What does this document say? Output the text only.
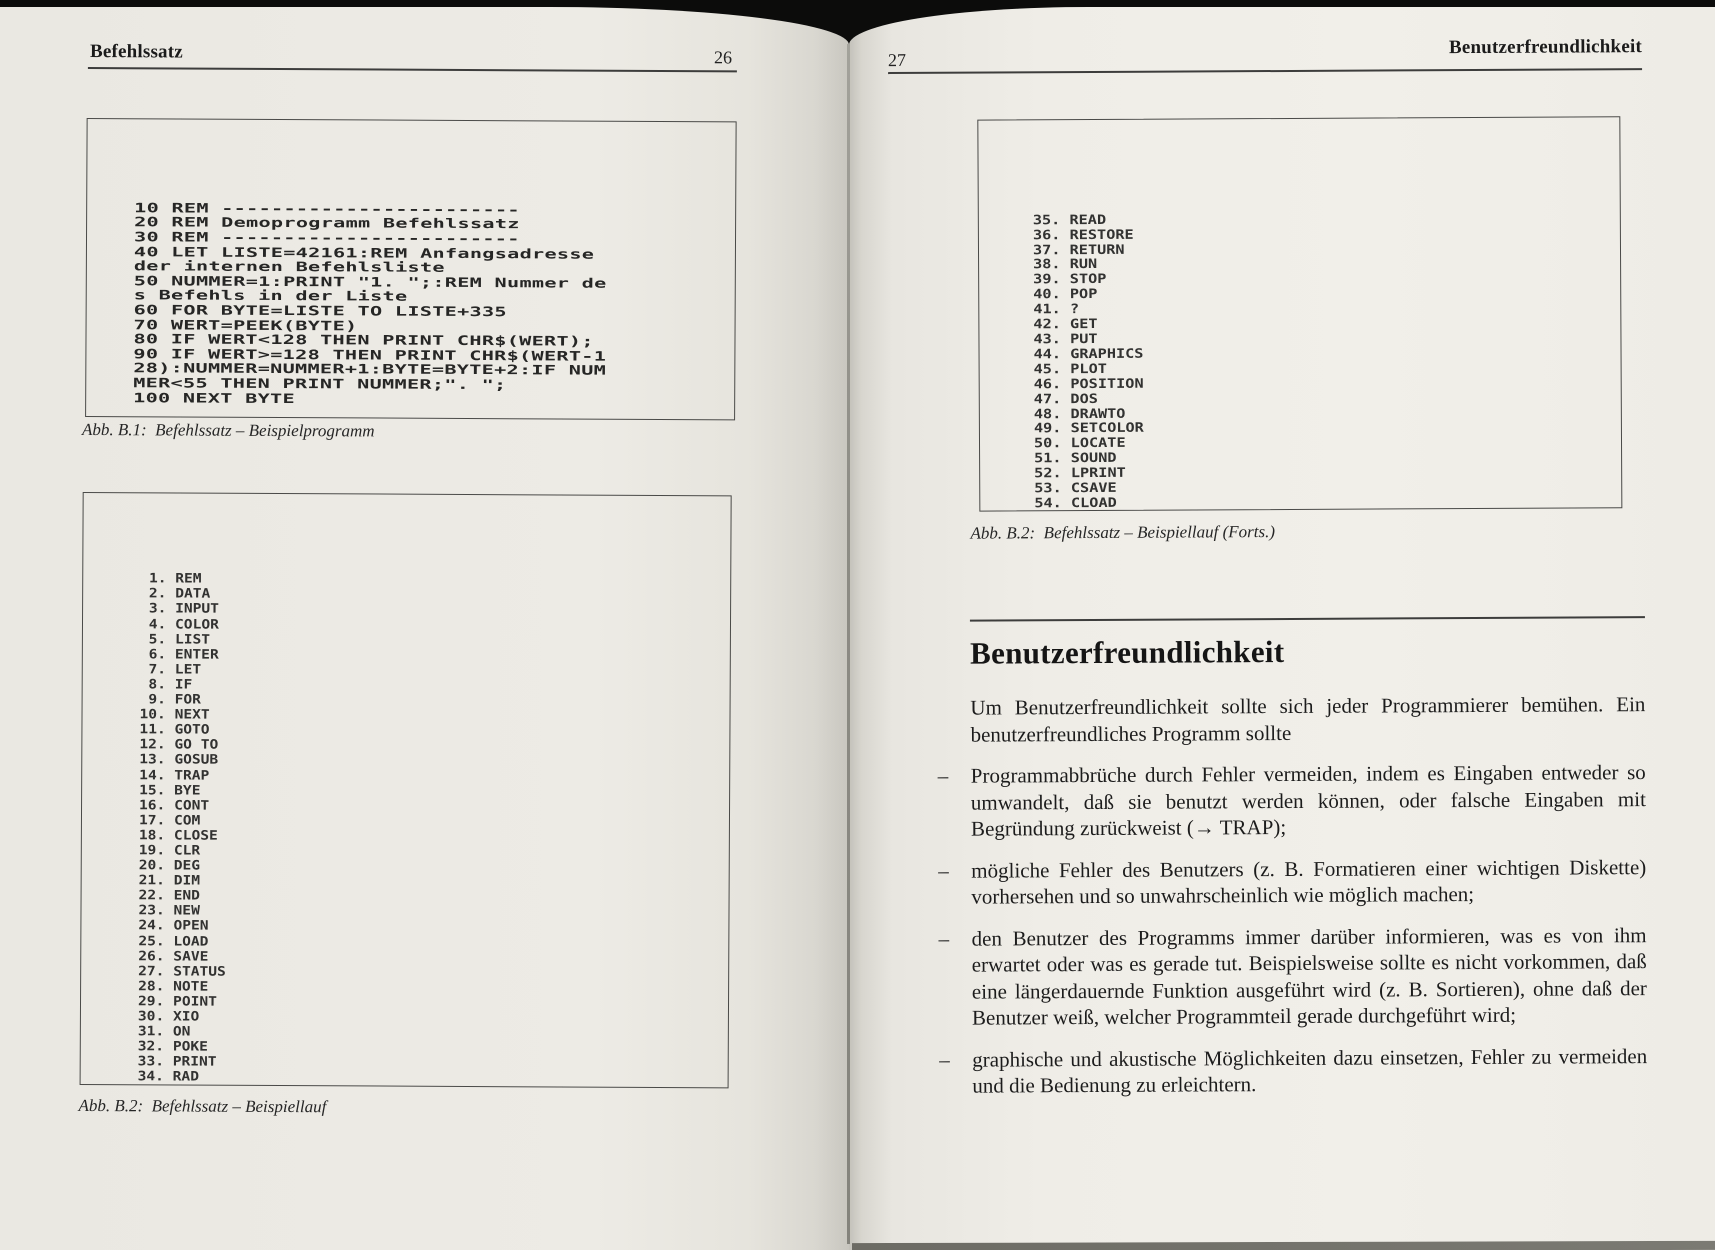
Befehlssatz	26

10 REM ------------------------
20 REM Demoprogramm Befehlssatz
30 REM ------------------------
40 LET LISTE=42161:REM Anfangsadresse
der internen Befehlsliste
50 NUMMER=1:PRINT "1. ";:REM Nummer de
s Befehls in der Liste
60 FOR BYTE=LISTE TO LISTE+335
70 WERT=PEEK(BYTE)
80 IF WERT<128 THEN PRINT CHR$(WERT);
90 IF WERT>=128 THEN PRINT CHR$(WERT-1
28):NUMMER=NUMMER+1:BYTE=BYTE+2:IF NUM
MER<55 THEN PRINT NUMMER;". ";
100 NEXT BYTE
Abb. B.1:  Befehlssatz – Beispielprogramm

1. REM
2. DATA
3. INPUT
4. COLOR
5. LIST
6. ENTER
7. LET
8. IF
9. FOR
10. NEXT
11. GOTO
12. GO TO
13. GOSUB
14. TRAP
15. BYE
16. CONT
17. COM
18. CLOSE
19. CLR
20. DEG
21. DIM
22. END
23. NEW
24. OPEN
25. LOAD
26. SAVE
27. STATUS
28. NOTE
29. POINT
30. XIO
31. ON
32. POKE
33. PRINT
34. RAD
Abb. B.2:  Befehlssatz – Beispiellauf
27
Benutzerfreundlichkeit

35. READ
36. RESTORE
37. RETURN
38. RUN
39. STOP
40. POP
41. ?
42. GET
43. PUT
44. GRAPHICS
45. PLOT
46. POSITION
47. DOS
48. DRAWTO
49. SETCOLOR
50. LOCATE
51. SOUND
52. LPRINT
53. CSAVE
54. CLOAD
Abb. B.2:  Befehlssatz – Beispiellauf (Forts.)
Benutzerfreundlichkeit

Um Benutzerfreundlichkeit sollte sich jeder Programmierer bemühen. Ein benutzerfreundliches Programm sollte

–	Programmabbrüche durch Fehler vermeiden, indem es Eingaben entweder so umwandelt, daß sie benutzt werden können, oder falsche Eingaben mit Begründung zurückweist (→ TRAP);
–	mögliche Fehler des Benutzers (z. B. Formatieren einer wichtigen Diskette) vorhersehen und so unwahrscheinlich wie möglich machen;
–	den Benutzer des Programms immer darüber informieren, was es von ihm erwartet oder was es gerade tut. Beispielsweise sollte es nicht vorkommen, daß eine längerdauernde Funktion ausgeführt wird (z. B. Sortieren), ohne daß der Benutzer weiß, welcher Programmteil gerade durchgeführt wird;
–	graphische und akustische Möglichkeiten dazu einsetzen, Fehler zu vermeiden und die Bedienung zu erleichtern.
